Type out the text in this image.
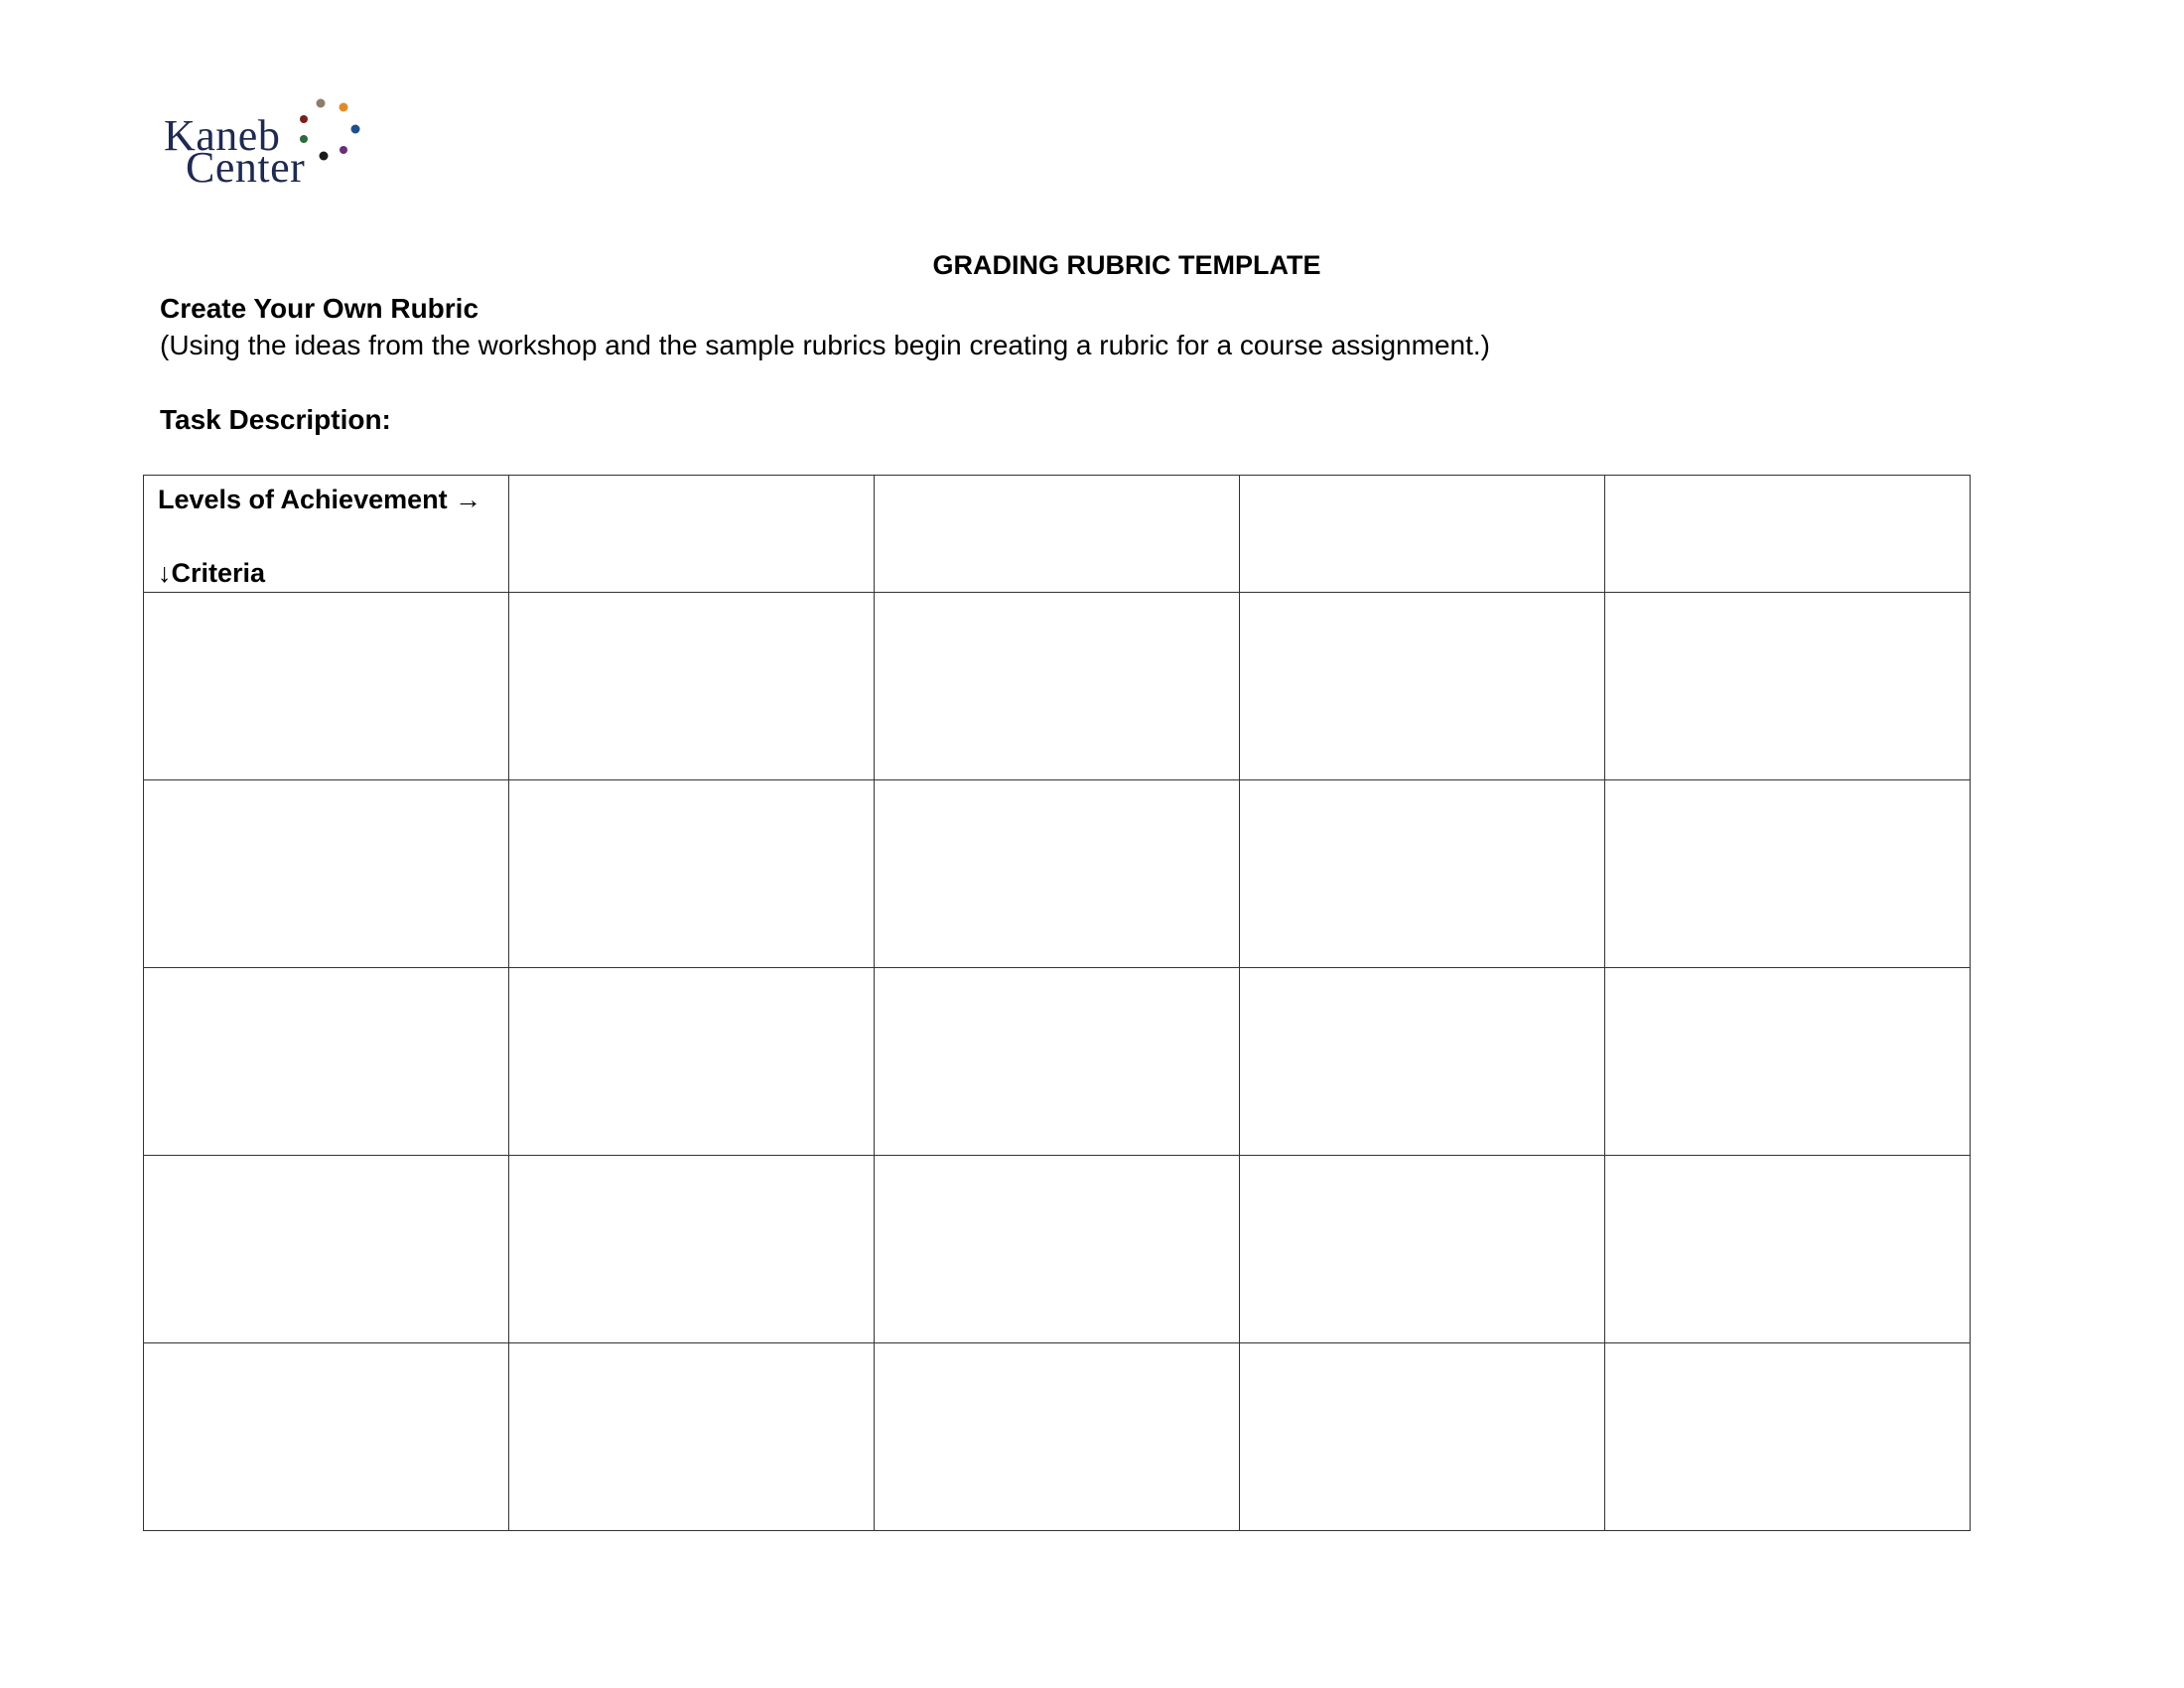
Kaneb
Center
GRADING RUBRIC TEMPLATE
Create Your Own Rubric
(Using the ideas from the workshop and the sample rubrics begin creating a rubric for a course assignment.)
Task Description:
Levels of Achievement →
↓Criteria				
